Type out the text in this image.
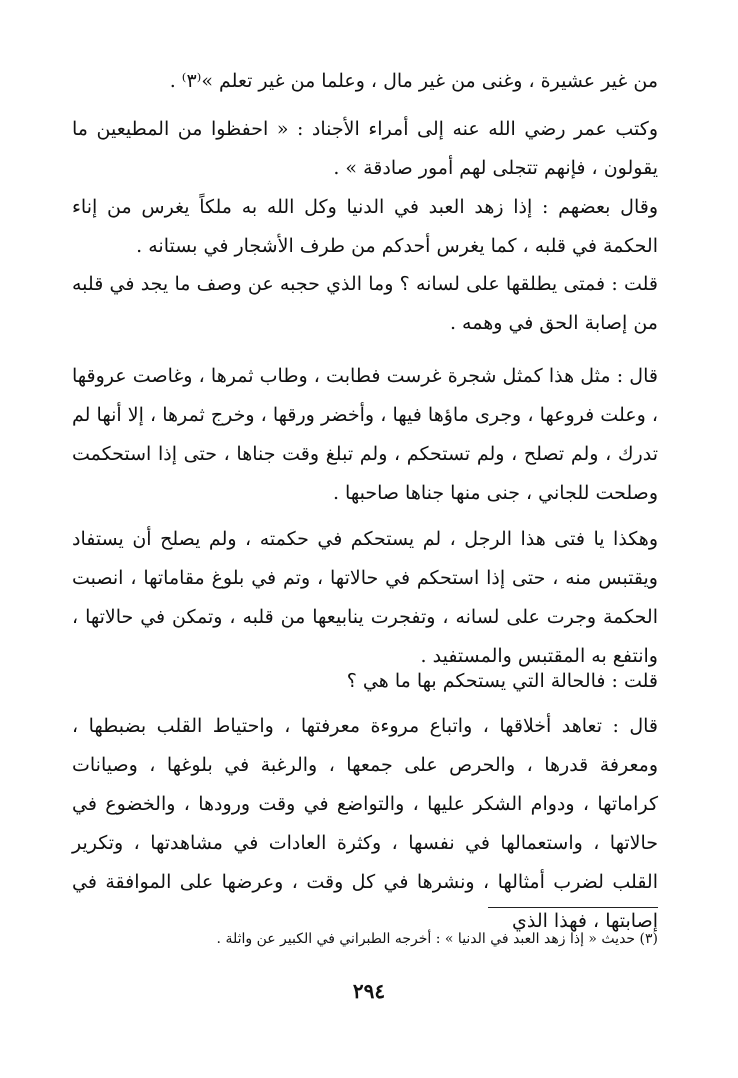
من غير عشيرة ، وغنى من غير مال ، وعلما من غير تعلم »⁽٣⁾ .

وكتب عمر رضي الله عنه إلى أمراء الأجناد : « احفظوا من المطيعين ما يقولون ، فإنهم تتجلى لهم أمور صادقة » .

وقال بعضهم : إذا زهد العبد في الدنيا وكل الله به ملكاً يغرس من إناء الحكمة في قلبه ، كما يغرس أحدكم من طرف الأشجار في بستانه .

قلت : فمتى يطلقها على لسانه ؟ وما الذي حجبه عن وصف ما يجد في قلبه من إصابة الحق في وهمه .

قال : مثل هذا كمثل شجرة غرست فطابت ، وطاب ثمرها ، وغاصت عروقها ، وعلت فروعها ، وجرى ماؤها فيها ، وأخضر ورقها ، وخرج ثمرها ، إلا أنها لم تدرك ، ولم تصلح ، ولم تستحكم ، ولم تبلغ وقت جناها ، حتى إذا استحكمت وصلحت للجاني ، جنى منها جناها صاحبها .

وهكذا يا فتى هذا الرجل ، لم يستحكم في حكمته ، ولم يصلح أن يستفاد ويقتبس منه ، حتى إذا استحكم في حالاتها ، وتم في بلوغ مقاماتها ، انصبت الحكمة وجرت على لسانه ، وتفجرت ينابيعها من قلبه ، وتمكن في حالاتها ، وانتفع به المقتبس والمستفيد .

قلت : فالحالة التي يستحكم بها ما هي ؟

قال : تعاهد أخلاقها ، واتباع مروءة معرفتها ، واحتياط القلب بضبطها ، ومعرفة قدرها ، والحرص على جمعها ، والرغبة في بلوغها ، وصيانات كراماتها ، ودوام الشكر عليها ، والتواضع في وقت ورودها ، والخضوع في حالاتها ، واستعمالها في نفسها ، وكثرة العادات في مشاهدتها ، وتكرير القلب لضرب أمثالها ، ونشرها في كل وقت ، وعرضها على الموافقة في إصابتها ، فهذا الذي

(٣) حديث « إذا زهد العبد في الدنيا » : أخرجه الطبراني في الكبير عن واثلة .

٢٩٤
